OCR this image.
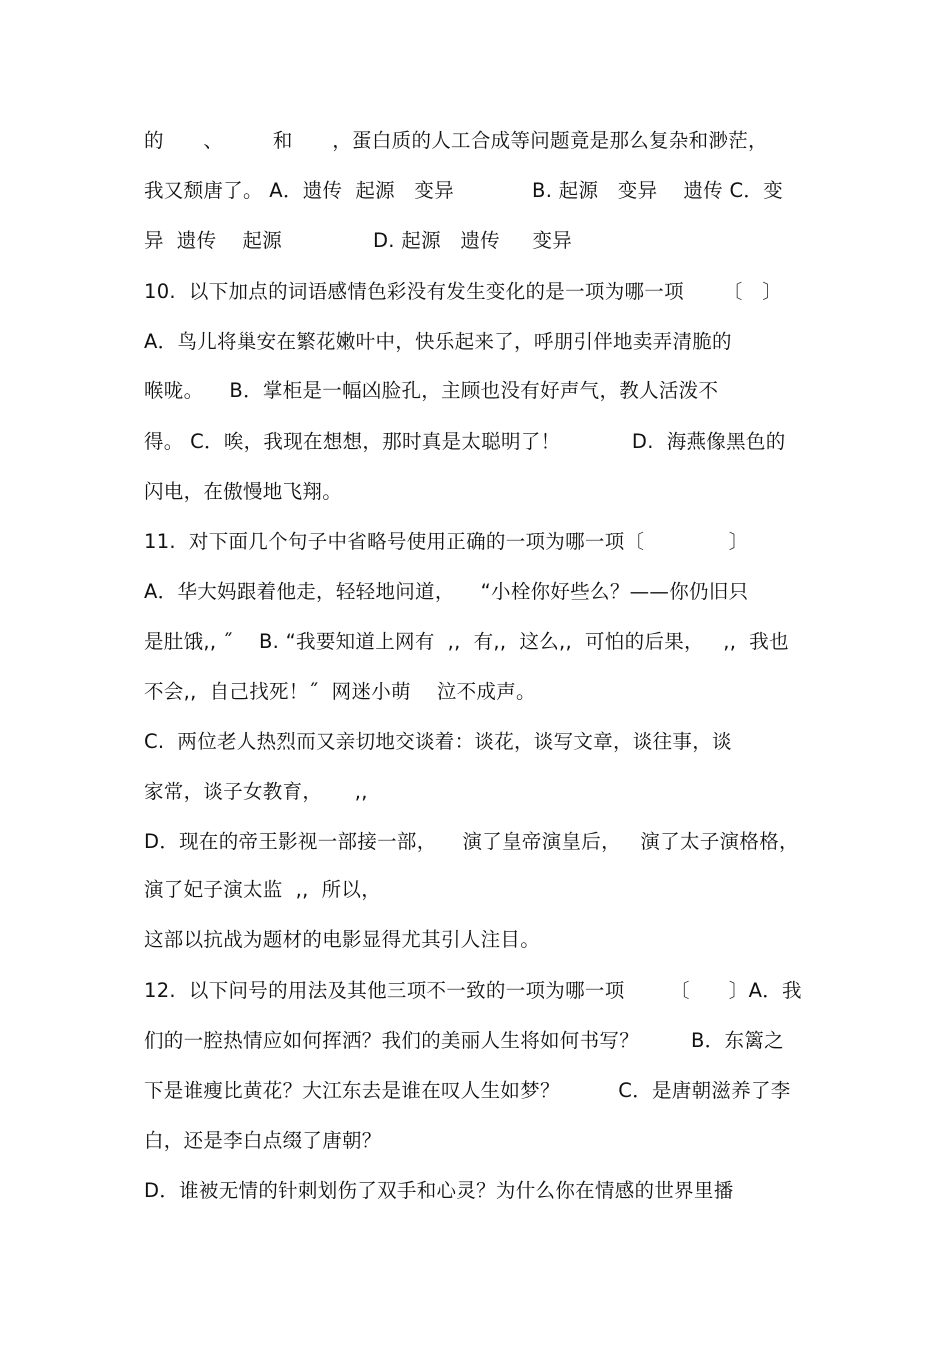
的　　、　　　和　　，蛋白质的人工合成等问题竟是那么复杂和渺茫，
我又颓唐了。 A．遗传  起源   变异            B. 起源   变异    遗传 C．变
异  遗传    起源              D. 起源   遗传     变异
10.  以下加点的词语感情色彩没有发生变化的是一项为哪一项      〔   〕
A．鸟儿将巢安在繁花嫩叶中，快乐起来了，呼朋引伴地卖弄清脆的
喉咙。    B．掌柜是一幅凶脸孔，主顾也没有好声气，教人活泼不
得。 C．唉，我现在想想，那时真是太聪明了！           D.  海燕像黑色的
闪电，在傲慢地飞翔。
11.  对下面几个句子中省略号使用正确的一项为哪一项〔             〕
A．华大妈跟着他走，轻轻地问道，    “小栓你好些么？——你仍旧只
是肚饿,, ˝    B. “我要知道上网有  ,,  有,,  这么,,  可怕的后果，   ,,  我也
不会,,  自己找死！˝  网迷小萌    泣不成声。
C.  两位老人热烈而又亲切地交谈着：谈花，谈写文章，谈往事，谈
家常，谈子女教育，     ,,
D．现在的帝王影视一部接一部，    演了皇帝演皇后，   演了太子演格格，
演了妃子演太监  ,,  所以，
这部以抗战为题材的电影显得尤其引人注目。
12.  以下问号的用法及其他三项不一致的一项为哪一项       〔      〕A．我
们的一腔热情应如何挥洒？我们的美丽人生将如何书写？        B．东篱之
下是谁瘦比黄花？大江东去是谁在叹人生如梦？         C．是唐朝滋养了李
白，还是李白点缀了唐朝？
D．谁被无情的针刺划伤了双手和心灵？为什么你在情感的世界里播
